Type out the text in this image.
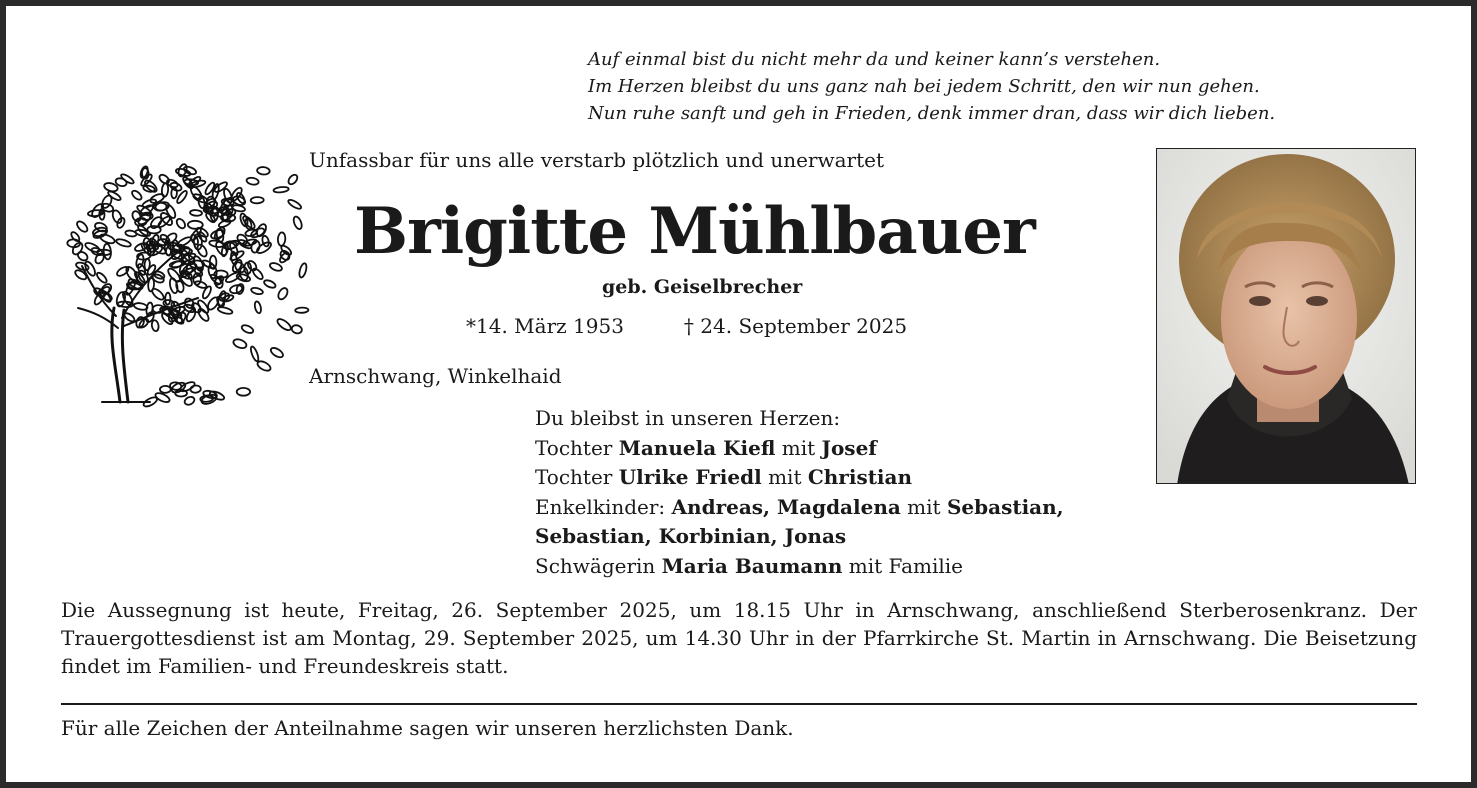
Auf einmal bist du nicht mehr da und keiner kann’s verstehen.
Im Herzen bleibst du uns ganz nah bei jedem Schritt, den wir nun gehen.
Nun ruhe sanft und geh in Frieden, denk immer dran, dass wir dich lieben.

Unfassbar für uns alle verstarb plötzlich und unerwartet

Brigitte Mühlbauer

geb. Geiselbrecher

*14. März 1953	† 24. September 2025

Arnschwang, Winkelhaid

Du bleibst in unseren Herzen:
Tochter Manuela Kiefl mit Josef
Tochter Ulrike Friedl mit Christian
Enkelkinder: Andreas, Magdalena mit Sebastian,
Sebastian, Korbinian, Jonas
Schwägerin Maria Baumann mit Familie

Die Aussegnung ist heute, Freitag, 26. September 2025, um 18.15 Uhr in Arnschwang, anschließend Sterberosenkranz. Der Trauergottesdienst ist am Montag, 29. September 2025, um 14.30 Uhr in der Pfarrkirche St. Martin in Arnschwang. Die Beisetzung findet im Familien- und Freundeskreis statt.

Für alle Zeichen der Anteilnahme sagen wir unseren herzlichsten Dank.
